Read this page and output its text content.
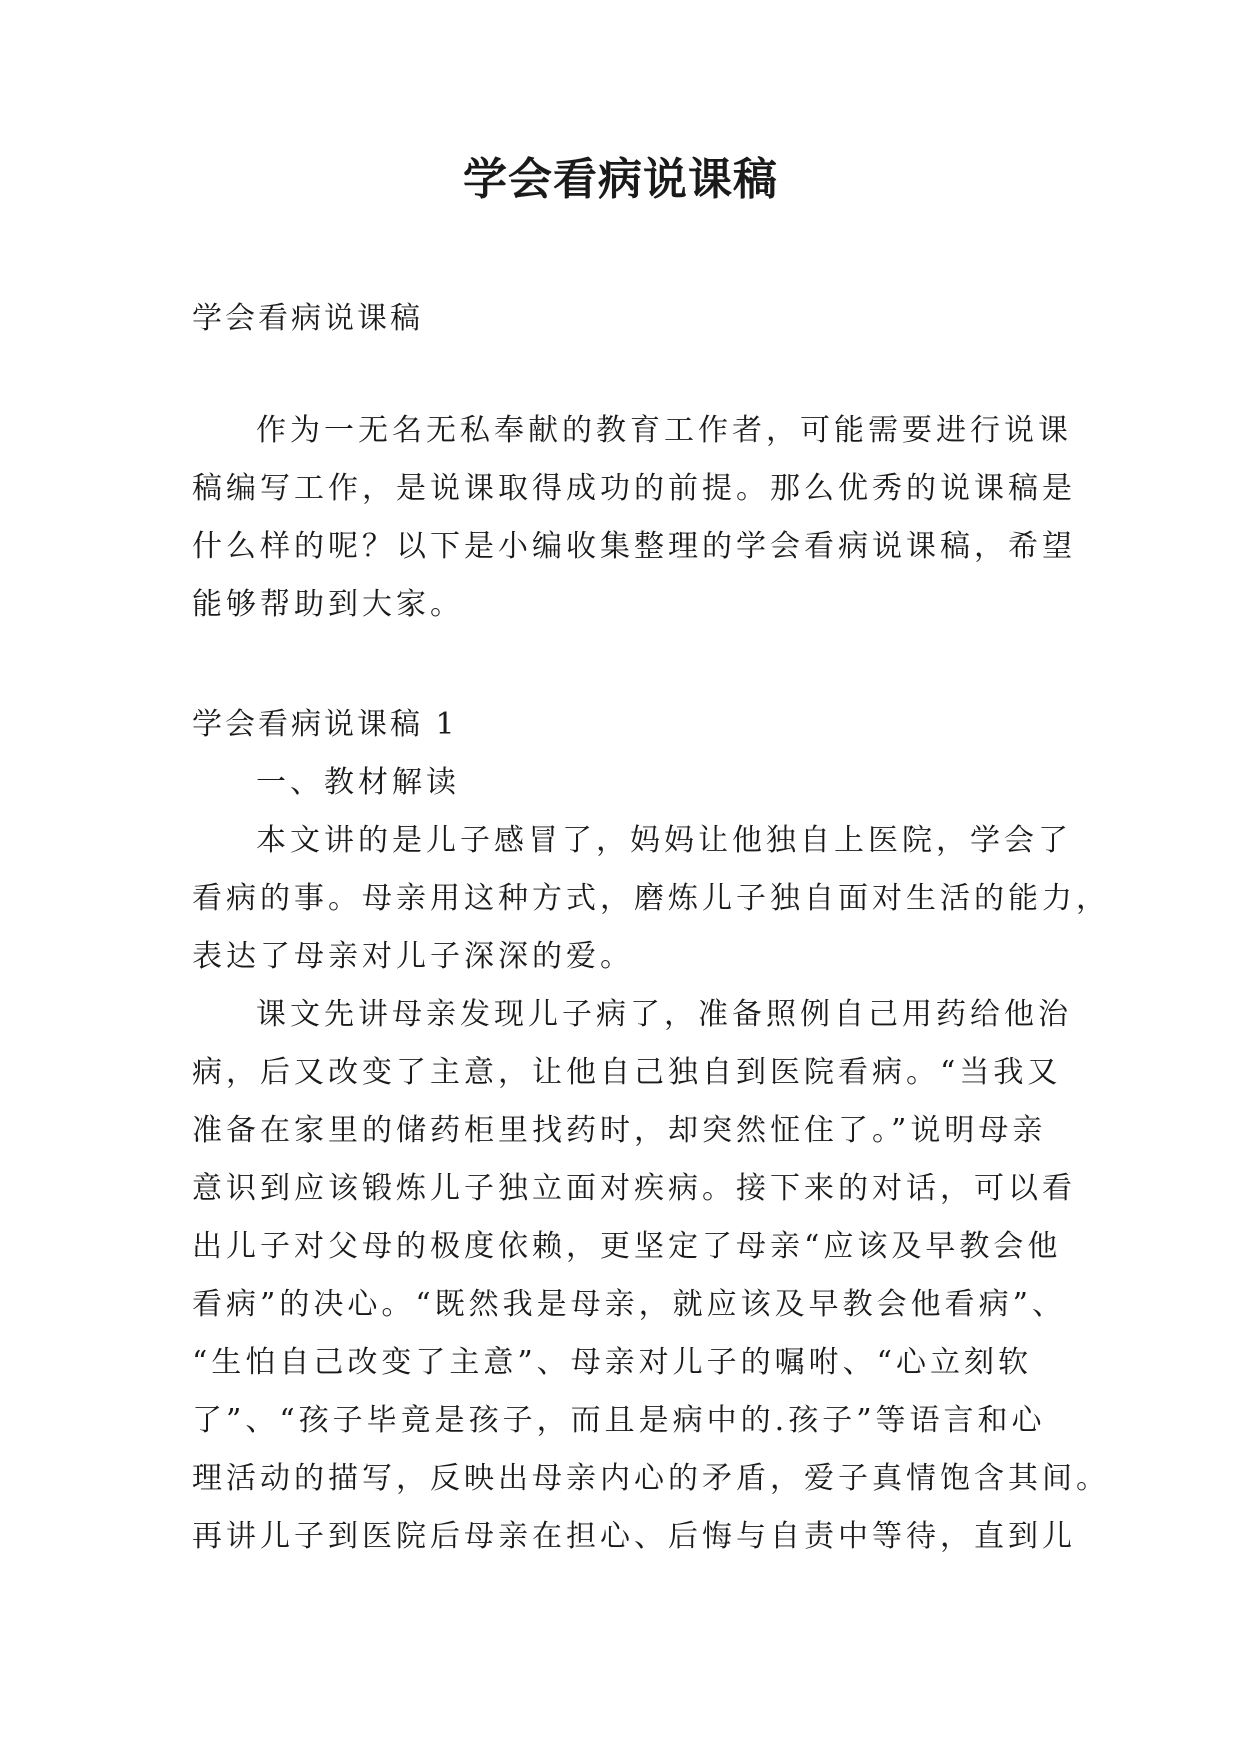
学会看病说课稿

学会看病说课稿

作为一无名无私奉献的教育工作者，可能需要进行说课

稿编写工作，是说课取得成功的前提。那么优秀的说课稿是

什么样的呢？以下是小编收集整理的学会看病说课稿，希望

能够帮助到大家。

学会看病说课稿 1

一、教材解读

本文讲的是儿子感冒了，妈妈让他独自上医院，学会了

看病的事。母亲用这种方式，磨炼儿子独自面对生活的能力，

表达了母亲对儿子深深的爱。

课文先讲母亲发现儿子病了，准备照例自己用药给他治

病，后又改变了主意，让他自己独自到医院看病。“当我又

准备在家里的储药柜里找药时，却突然怔住了。”说明母亲

意识到应该锻炼儿子独立面对疾病。接下来的对话，可以看

出儿子对父母的极度依赖，更坚定了母亲“应该及早教会他

看病”的决心。“既然我是母亲，就应该及早教会他看病”、

“生怕自己改变了主意”、母亲对儿子的嘱咐、“心立刻软

了”、“孩子毕竟是孩子，而且是病中的.孩子”等语言和心

理活动的描写，反映出母亲内心的矛盾，爱子真情饱含其间。

再讲儿子到医院后母亲在担心、后悔与自责中等待，直到儿
